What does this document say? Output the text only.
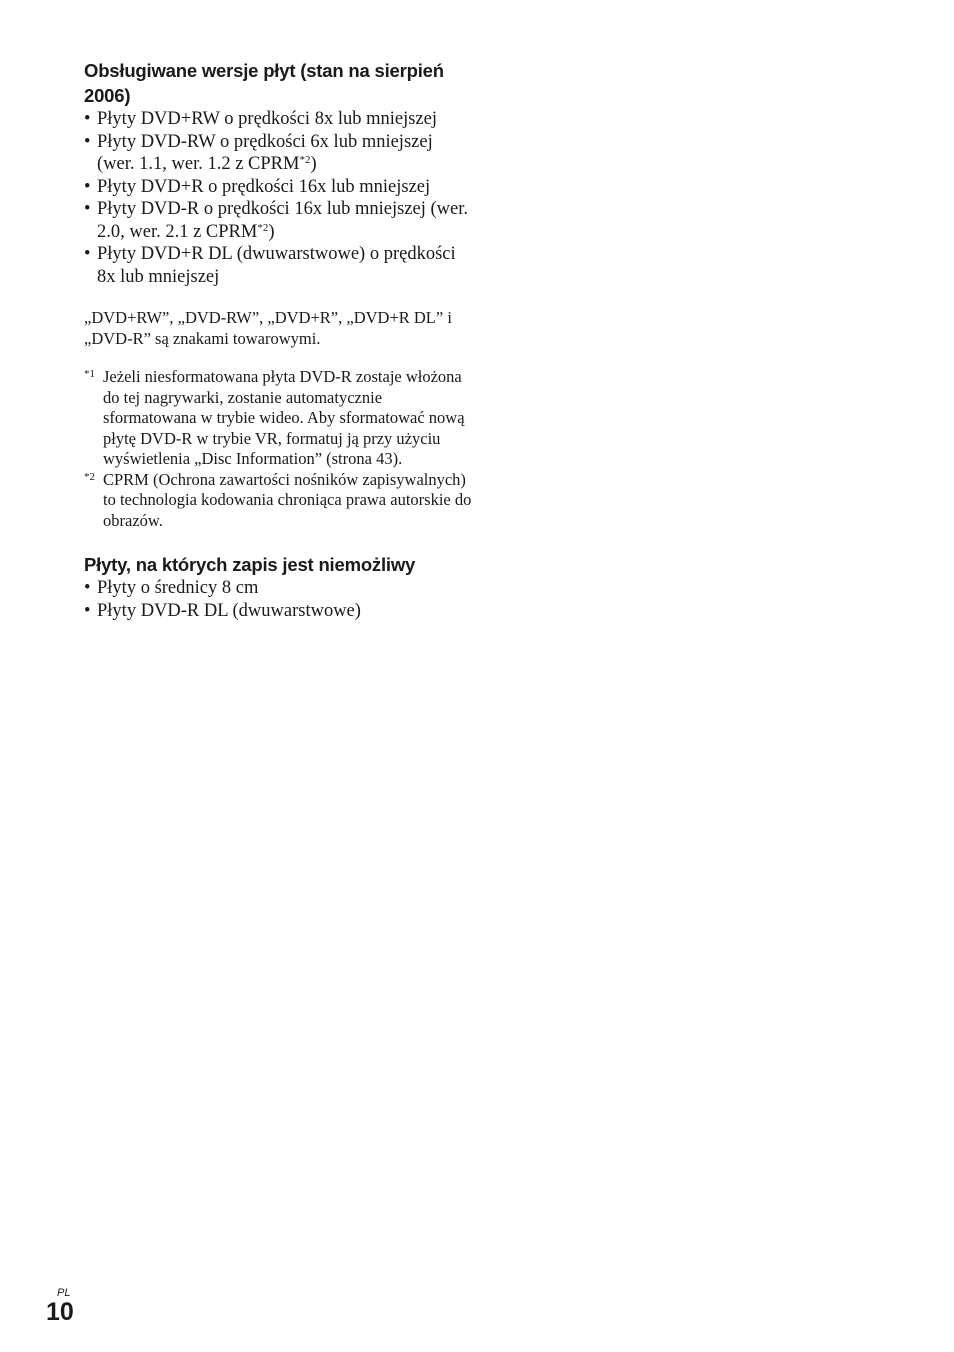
Obsługiwane wersje płyt (stan na sierpień 2006)
• Płyty DVD+RW o prędkości 8x lub mniejszej
• Płyty DVD-RW o prędkości 6x lub mniejszej (wer. 1.1, wer. 1.2 z CPRM$^{*2}$)
• Płyty DVD+R o prędkości 16x lub mniejszej
• Płyty DVD-R o prędkości 16x lub mniejszej (wer. 2.0, wer. 2.1 z CPRM$^{*2}$)
• Płyty DVD+R DL (dwuwarstwowe) o prędkości 8x lub mniejszej

„DVD+RW”, „DVD-RW”, „DVD+R”, „DVD+R DL” i „DVD-R” są znakami towarowymi.

*1 Jeżeli niesformatowana płyta DVD-R zostaje włożona do tej nagrywarki, zostanie automatycznie sformatowana w trybie wideo. Aby sformatować nową płytę DVD-R w trybie VR, formatuj ją przy użyciu wyświetlenia „Disc Information” (strona 43).
*2 CPRM (Ochrona zawartości nośników zapisywalnych) to technologia kodowania chroniąca prawa autorskie do obrazów.
Płyty, na których zapis jest niemożliwy
• Płyty o średnicy 8 cm
• Płyty DVD-R DL (dwuwarstwowe)
PL
10
